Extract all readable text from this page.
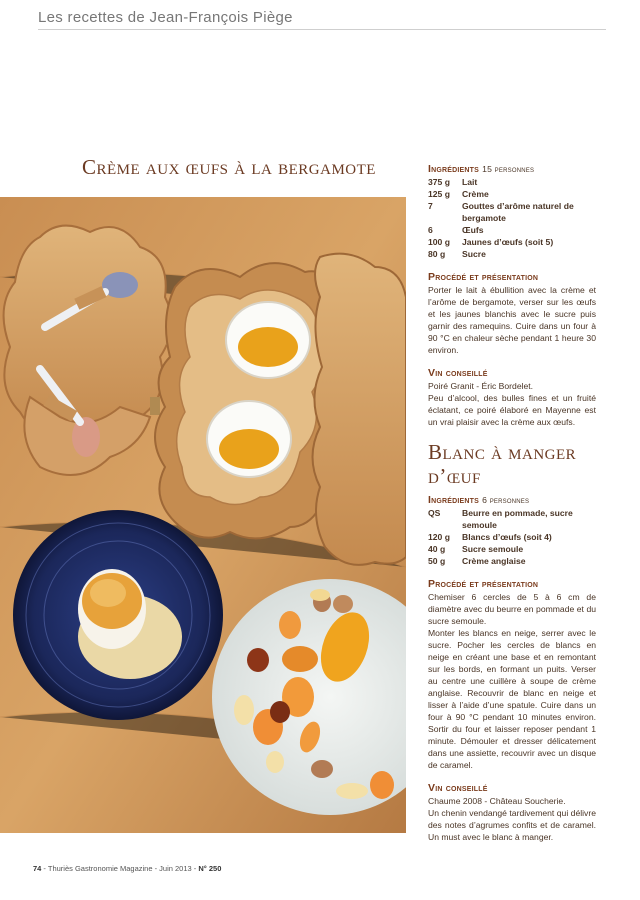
Les recettes de Jean-François Piège
Crème aux œufs à la bergamote	Ingrédients 15 personnes
375 g	Lait
125 g	Crème
7	Gouttes d’arôme naturel de bergamote
6	Œufs
100 g	Jaunes d’œufs (soit 5)
80 g	Sucre
Procédé et présentation
Porter le lait à ébullition avec la crème et l’arôme de bergamote, verser sur les œufs et les jaunes blanchis avec le sucre puis garnir des ramequins. Cuire dans un four à 90 °C en chaleur sèche pendant 1 heure 30 environ.
Vin conseillé
Poiré Granit - Éric Bordelet.
Peu d’alcool, des bulles fines et un fruité éclatant, ce poiré élaboré en Mayenne est un vrai plaisir avec la crème aux œufs.
Blanc à manger d’œuf
Ingrédients 6 personnes
QS	Beurre en pommade, sucre semoule
120 g	Blancs d’œufs (soit 4)
40 g	Sucre semoule
50 g	Crème anglaise
Procédé et présentation
Chemiser 6 cercles de 5 à 6 cm de diamètre avec du beurre en pommade et du sucre semoule.
Monter les blancs en neige, serrer avec le sucre. Pocher les cercles de blancs en neige en créant une base et en remontant sur les bords, en formant un puits. Verser au centre une cuillère à soupe de crème anglaise. Recouvrir de blanc en neige et lisser à l’aide d’une spatule. Cuire dans un four à 90 °C pendant 10 minutes environ. Sortir du four et laisser reposer pendant 1 minute. Démouler et dresser délicatement dans une assiette, recouvrir avec un disque de caramel.
Vin conseillé
Chaume 2008 - Château Soucherie.
Un chenin vendangé tardivement qui délivre des notes d’agrumes confits et de caramel. Un must avec le blanc à manger.
74 - Thuriès Gastronomie Magazine - Juin 2013 - N° 250
